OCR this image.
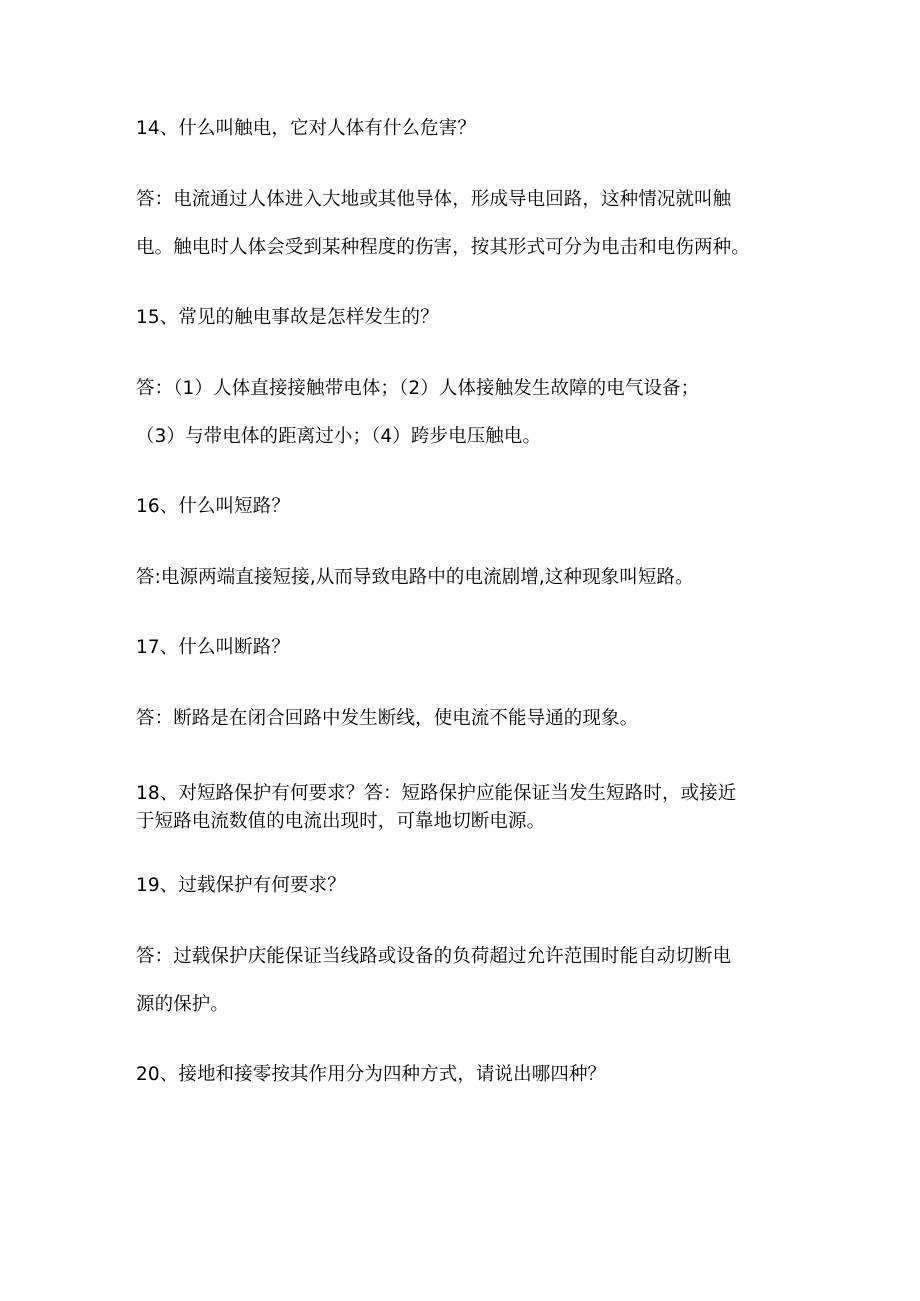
14、什么叫触电，它对人体有什么危害？
答：电流通过人体进入大地或其他导体，形成导电回路，这种情况就叫触
电。触电时人体会受到某种程度的伤害，按其形式可分为电击和电伤两种。
15、常见的触电事故是怎样发生的？
答：（1）人体直接接触带电体；（2）人体接触发生故障的电气设备；
（3）与带电体的距离过小；（4）跨步电压触电。
16、什么叫短路？
答:电源两端直接短接,从而导致电路中的电流剧增,这种现象叫短路。
17、什么叫断路？
答：断路是在闭合回路中发生断线，使电流不能导通的现象。
18、对短路保护有何要求？答：短路保护应能保证当发生短路时，或接近
于短路电流数值的电流出现时，可靠地切断电源。
19、过载保护有何要求？
答：过载保护庆能保证当线路或设备的负荷超过允许范围时能自动切断电
源的保护。
20、接地和接零按其作用分为四种方式，请说出哪四种？
